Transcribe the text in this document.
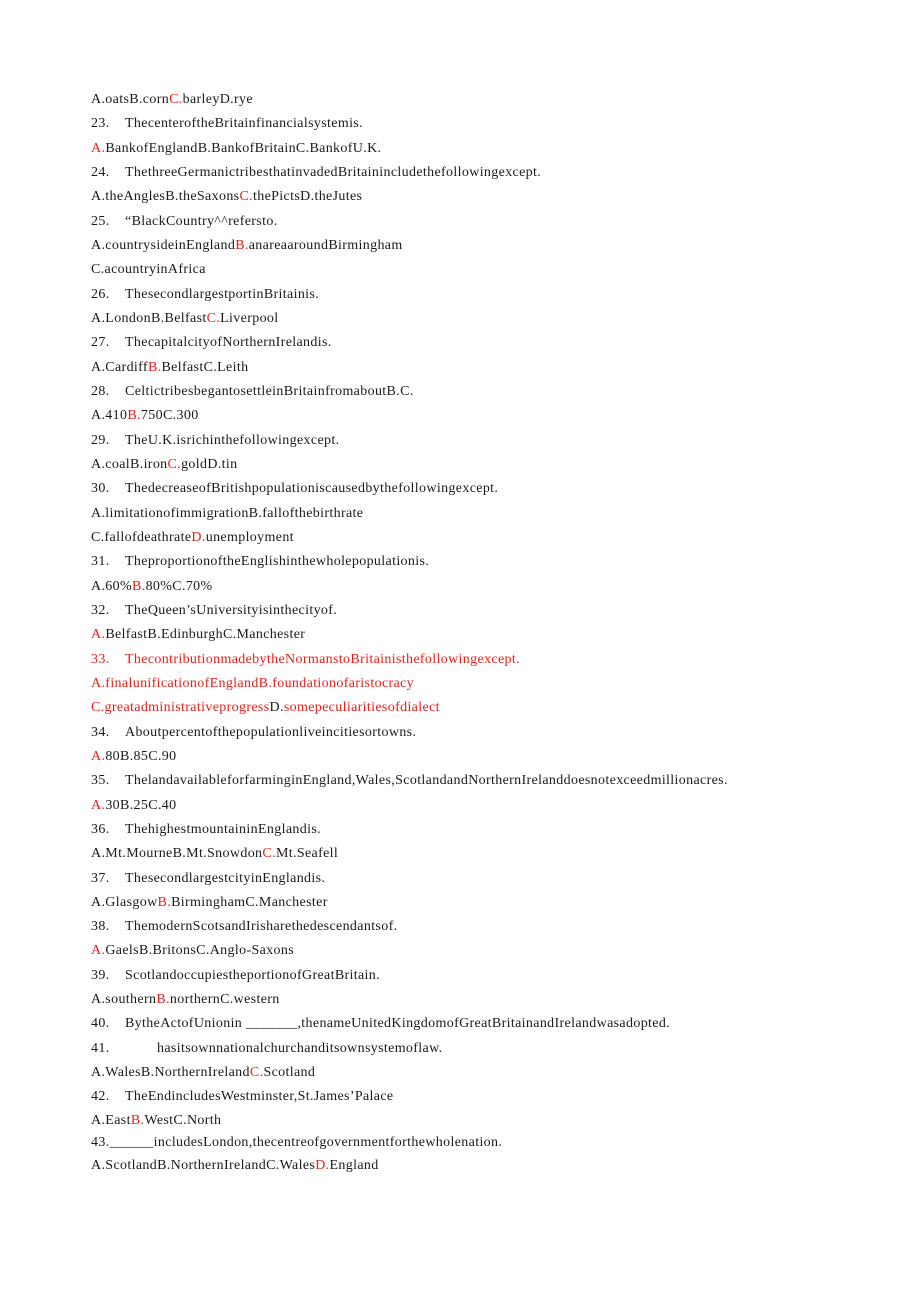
A.oatsB.cornC.barleyD.rye
23. ThecenteroftheBritainfinancialsystemis.
A.BankofEnglandB.BankofBritainC.BankofU.K.
24. ThethreeGermanictribesthatinvadedBritainincludethefollowingexcept.
A.theAnglesB.theSaxonsC.thePictsD.theJutes
25. “BlackCountry^^refersto.
A.countrysideinEnglandB.anareaaroundBirmingham
C.acountryinAfrica
26. ThesecondlargestportinBritainis.
A.LondonB.BelfastC.Liverpool
27. ThecapitalcityofNorthernIrelandis.
A.CardiffB.BelfastC.Leith
28. CeltictribesbegantosettleinBritainfromaboutB.C.
A.410B.750C.300
29. TheU.K.isrichinthefollowingexcept.
A.coalB.ironC.goldD.tin
30. ThedecreaseofBritishpopulationiscausedbythefollowingexcept.
A.limitationofimmigrationB.fallofthebirthrate
C.fallofdeathrateD.unemployment
31. TheproportionoftheEnglishinthewholepopulationis.
A.60%B.80%C.70%
32. TheQueen’sUniversityisinthecityof.
A.BelfastB.EdinburghC.Manchester
33. ThecontributionmadebytheNormanstoBritainisthefollowingexcept.
A.finalunificationofEnglandB.foundationofaristocracy
C.greatadministrativeprogressD.somepeculiaritiesofdialect
34. Aboutpercentofthepopulationliveincitiesortowns.
A.80B.85C.90
35. ThelandavailableforfarminginEngland,Wales,ScotlandandNorthernIrelanddoesnotexceedmillionacres.
A.30B.25C.40
36. ThehighestmountaininEnglandis.
A.Mt.MourneB.Mt.SnowdonC.Mt.Seafell
37. ThesecondlargestcityinEnglandis.
A.GlasgowB.BirminghamC.Manchester
38. ThemodernScotsandIrisharethedescendantsof.
A.GaelsB.BritonsC.Anglo-Saxons
39. ScotlandoccupiestheportionofGreatBritain.
A.southernB.northernC.western
40. BytheActofUnionin _______,thenameUnitedKingdomofGreatBritainandIrelandwasadopted.
41.	hasitsownnationalchurchanditsownsystemoflaw.
A.WalesB.NorthernIrelandC.Scotland
42. TheEndincludesWestminster,St.James’Palace
A.EastB.WestC.North
43.______includesLondon,thecentreofgovernmentforthewholenation.
A.ScotlandB.NorthernIrelandC.WalesD.England
